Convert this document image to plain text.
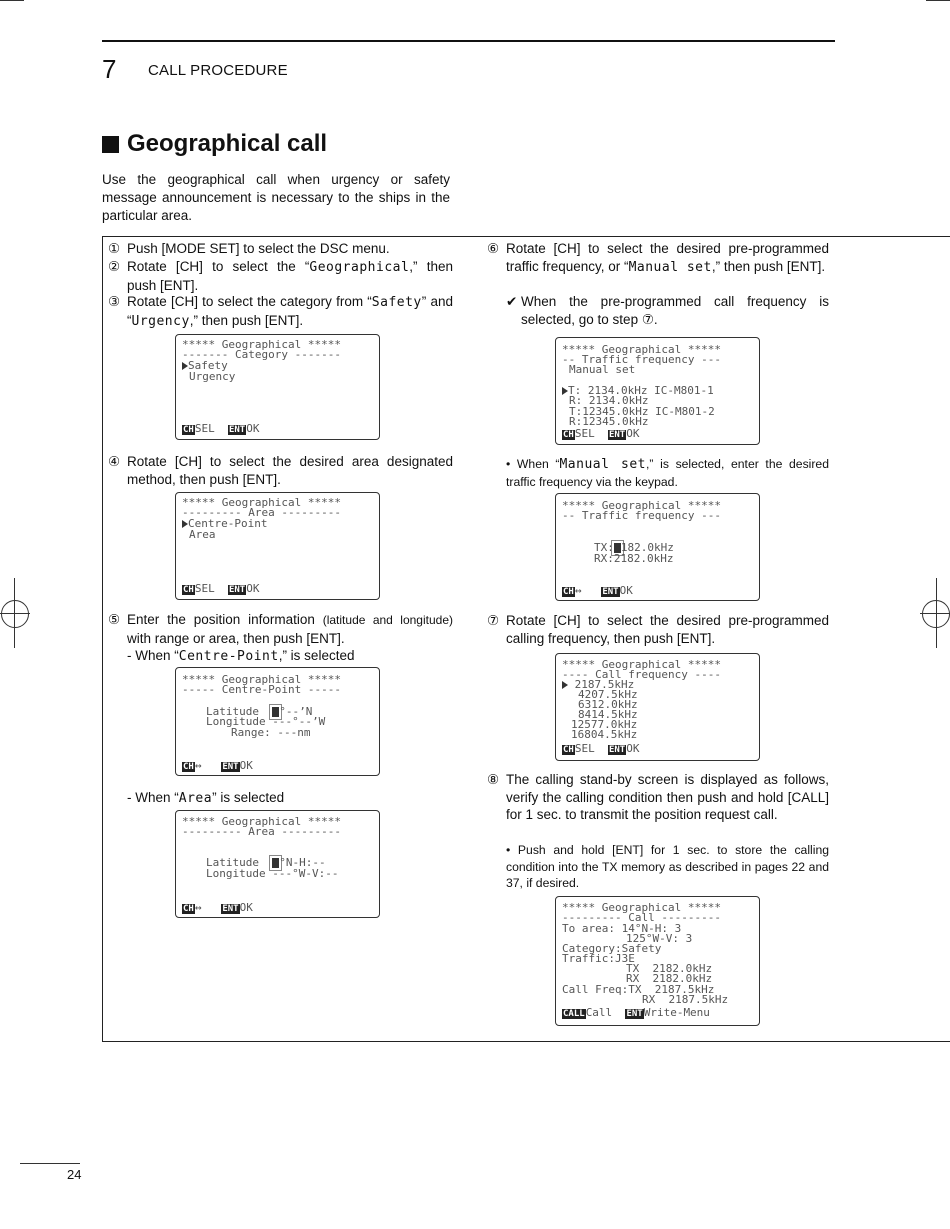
7 CALL PROCEDURE
Geographical call
Use the geographical call when urgency or safety message announcement is necessary to the ships in the particular area.
① Push [MODE SET] to select the DSC menu.
② Rotate [CH] to select the “Geographical,” then push [ENT].
③ Rotate [CH] to select the category from “Safety” and “Urgency,” then push [ENT].
***** Geographical *****
------- Category -------
Safety
Urgency
CHSEL ENTOK
④ Rotate [CH] to select the desired area designated method, then push [ENT].
***** Geographical *****
--------- Area ---------
Centre-Point
Area
CHSEL ENTOK
⑤ Enter the position information (latitude and longitude) with range or area, then push [ENT].
- When “Centre-Point,” is selected
***** Geographical *****
----- Centre-Point -----
Latitude °--’N
Longitude ---°--’W
Range: ---nm
CH↔ ENTOK
- When “Area” is selected
***** Geographical *****
--------- Area ---------
Latitude °N-H:--
Longitude ---°W-V:--
CH↔ ENTOK
⑥ Rotate [CH] to select the desired pre-programmed traffic frequency, or “Manual set,” then push [ENT].
✔ When the pre-programmed call frequency is selected, go to step ⑦.
***** Geographical *****
-- Traffic frequency ---
Manual set
T: 2134.0kHz IC-M801-1
R: 2134.0kHz
T:12345.0kHz IC-M801-2
R:12345.0kHz
CHSEL ENTOK
• When “Manual set,” is selected, enter the desired traffic frequency via the keypad.
***** Geographical *****
-- Traffic frequency ---
TX: 182.0kHz
RX:2182.0kHz
CH↔ ENTOK
⑦ Rotate [CH] to select the desired pre-programmed calling frequency, then push [ENT].
***** Geographical *****
---- Call frequency ----
2187.5kHz
4207.5kHz
6312.0kHz
8414.5kHz
12577.0kHz
16804.5kHz
CHSEL ENTOK
⑧ The calling stand-by screen is displayed as follows, verify the calling condition then push and hold [CALL] for 1 sec. to transmit the position request call.
• Push and hold [ENT] for 1 sec. to store the calling condition into the TX memory as described in pages 22 and 37, if desired.
***** Geographical *****
--------- Call ---------
To area: 14°N-H: 3
125°W-V: 3
Category:Safety
Traffic:J3E
TX  2182.0kHz
RX  2182.0kHz
Call Freq:TX  2187.5kHz
RX  2187.5kHz
CALLCall ENTWrite-Menu
24
